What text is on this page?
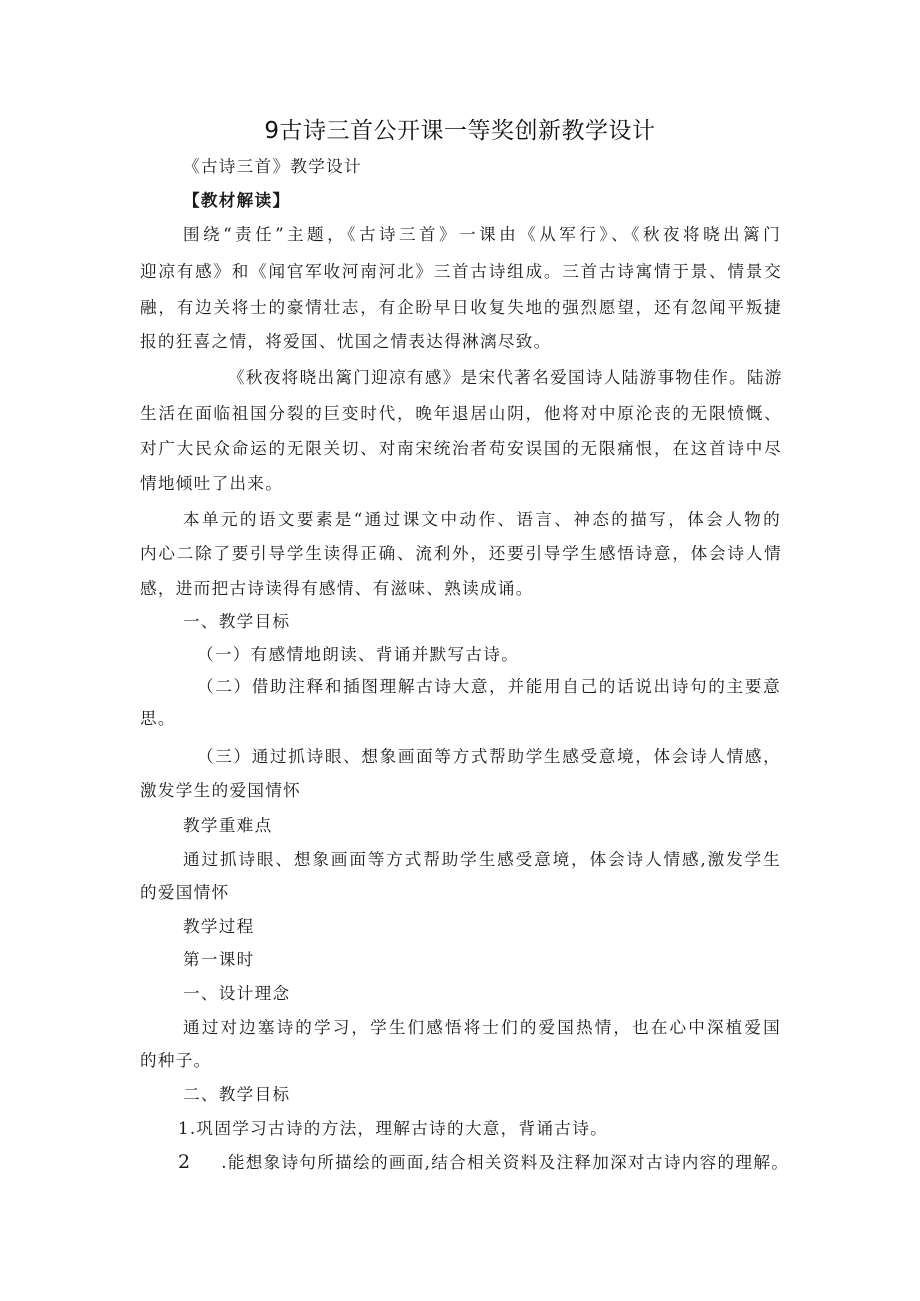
9古诗三首公开课一等奖创新教学设计
《古诗三首》教学设计
【教材解读】
围绕“责任”主题，《古诗三首》一课由《从军行》、《秋夜将晓出篱门
迎凉有感》和《闻官军收河南河北》三首古诗组成。三首古诗寓情于景、情景交
融，有边关将士的豪情壮志，有企盼早日收复失地的强烈愿望，还有忽闻平叛捷
报的狂喜之情，将爱国、忧国之情表达得淋漓尽致。
《秋夜将晓出篱门迎凉有感》是宋代著名爱国诗人陆游事物佳作。陆游
生活在面临祖国分裂的巨变时代，晚年退居山阴，他将对中原沦丧的无限愤慨、
对广大民众命运的无限关切、对南宋统治者苟安误国的无限痛恨，在这首诗中尽
情地倾吐了出来。
本单元的语文要素是“通过课文中动作、语言、神态的描写，体会人物的
内心二除了要引导学生读得正确、流利外，还要引导学生感悟诗意，体会诗人情
感，进而把古诗读得有感情、有滋味、熟读成诵。
一、教学目标
（一）有感情地朗读、背诵并默写古诗。
（二）借助注释和插图理解古诗大意，并能用自己的话说出诗句的主要意
思。
（三）通过抓诗眼、想象画面等方式帮助学生感受意境，体会诗人情感，
激发学生的爱国情怀
教学重难点
通过抓诗眼、想象画面等方式帮助学生感受意境，体会诗人情感,激发学生
的爱国情怀
教学过程
第一课时
一、设计理念
通过对边塞诗的学习，学生们感悟将士们的爱国热情，也在心中深植爱国
的种子。
二、教学目标
1.巩固学习古诗的方法，理解古诗的大意，背诵古诗。
2 .能想象诗句所描绘的画面,结合相关资料及注释加深对古诗内容的理解。
